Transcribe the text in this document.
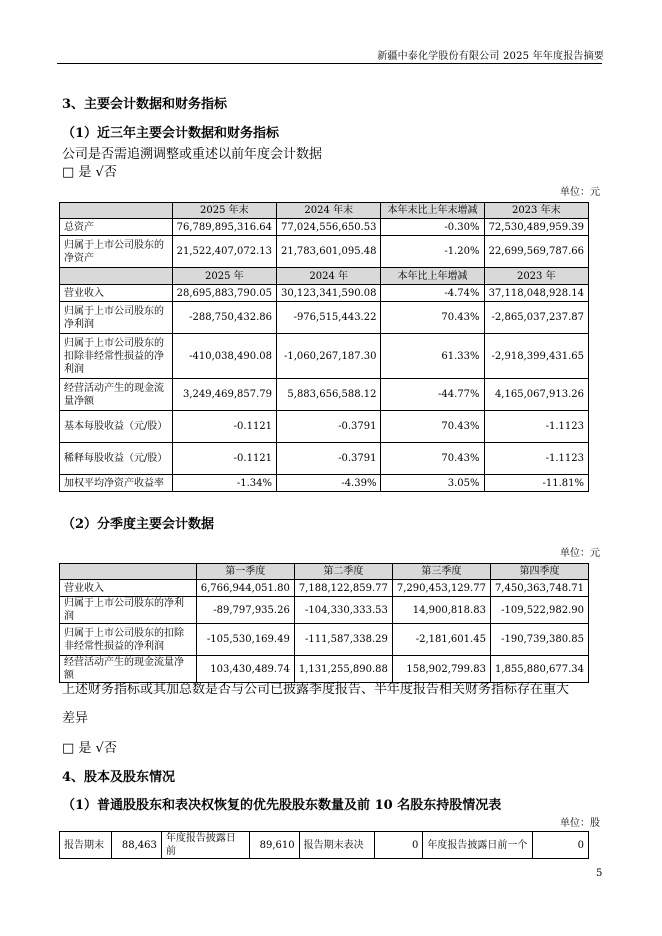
新疆中泰化学股份有限公司 2025 年年度报告摘要
3、主要会计数据和财务指标
（1）近三年主要会计数据和财务指标
公司是否需追溯调整或重述以前年度会计数据
□ 是 √否
单位：元
	2025 年末	2024 年末	本年末比上年末增减	2023 年末
总资产	76,789,895,316.64	77,024,556,650.53	-0.30%	72,530,489,959.39
归属于上市公司股东的净资产	21,522,407,072.13	21,783,601,095.48	-1.20%	22,699,569,787.66
	2025 年	2024 年	本年比上年增减	2023 年
营业收入	28,695,883,790.05	30,123,341,590.08	-4.74%	37,118,048,928.14
归属于上市公司股东的净利润	-288,750,432.86	-976,515,443.22	70.43%	-2,865,037,237.87
归属于上市公司股东的扣除非经常性损益的净利润	-410,038,490.08	-1,060,267,187.30	61.33%	-2,918,399,431.65
经营活动产生的现金流量净额	3,249,469,857.79	5,883,656,588.12	-44.77%	4,165,067,913.26
基本每股收益（元/股）	-0.1121	-0.3791	70.43%	-1.1123
稀释每股收益（元/股）	-0.1121	-0.3791	70.43%	-1.1123
加权平均净资产收益率	-1.34%	-4.39%	3.05%	-11.81%
（2）分季度主要会计数据
单位：元
	第一季度	第二季度	第三季度	第四季度
营业收入	6,766,944,051.80	7,188,122,859.77	7,290,453,129.77	7,450,363,748.71
归属于上市公司股东的净利润	-89,797,935.26	-104,330,333.53	14,900,818.83	-109,522,982.90
归属于上市公司股东的扣除非经常性损益的净利润	-105,530,169.49	-111,587,338.29	-2,181,601.45	-190,739,380.85
经营活动产生的现金流量净额	103,430,489.74	1,131,255,890.88	158,902,799.83	1,855,880,677.34
上述财务指标或其加总数是否与公司已披露季度报告、半年度报告相关财务指标存在重大
差异
□ 是 √否
4、股本及股东情况
（1）普通股股东和表决权恢复的优先股股东数量及前 10 名股东持股情况表
单位：股
报告期末	88,463	年度报告披露日前	89,610	报告期末表决	0	年度报告披露日前一个	0
5
